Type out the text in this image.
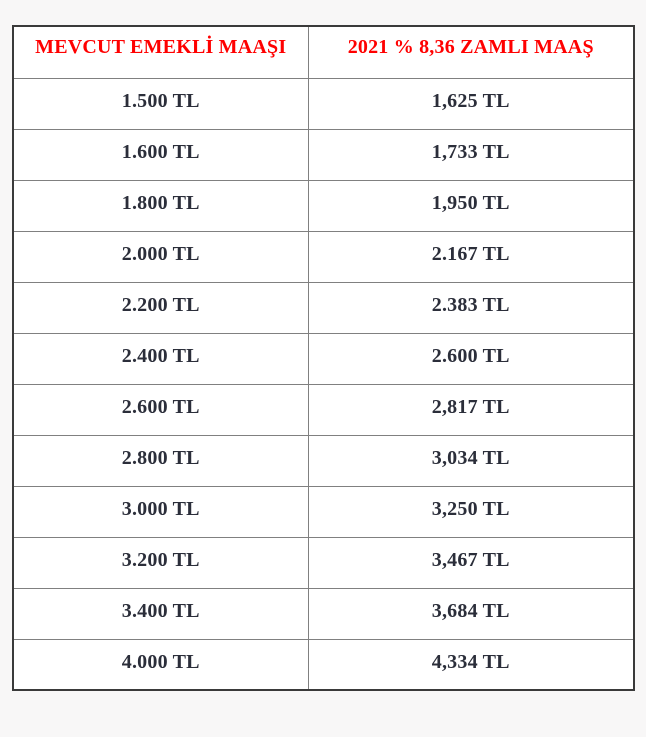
MEVCUT EMEKLİ MAAŞI	2021 % 8,36 ZAMLI MAAŞ
1.500 TL	1,625 TL
1.600 TL	1,733 TL
1.800 TL	1,950 TL
2.000 TL	2.167 TL
2.200 TL	2.383 TL
2.400 TL	2.600 TL
2.600 TL	2,817 TL
2.800 TL	3,034 TL
3.000 TL	3,250 TL
3.200 TL	3,467 TL
3.400 TL	3,684 TL
4.000 TL	4,334 TL
